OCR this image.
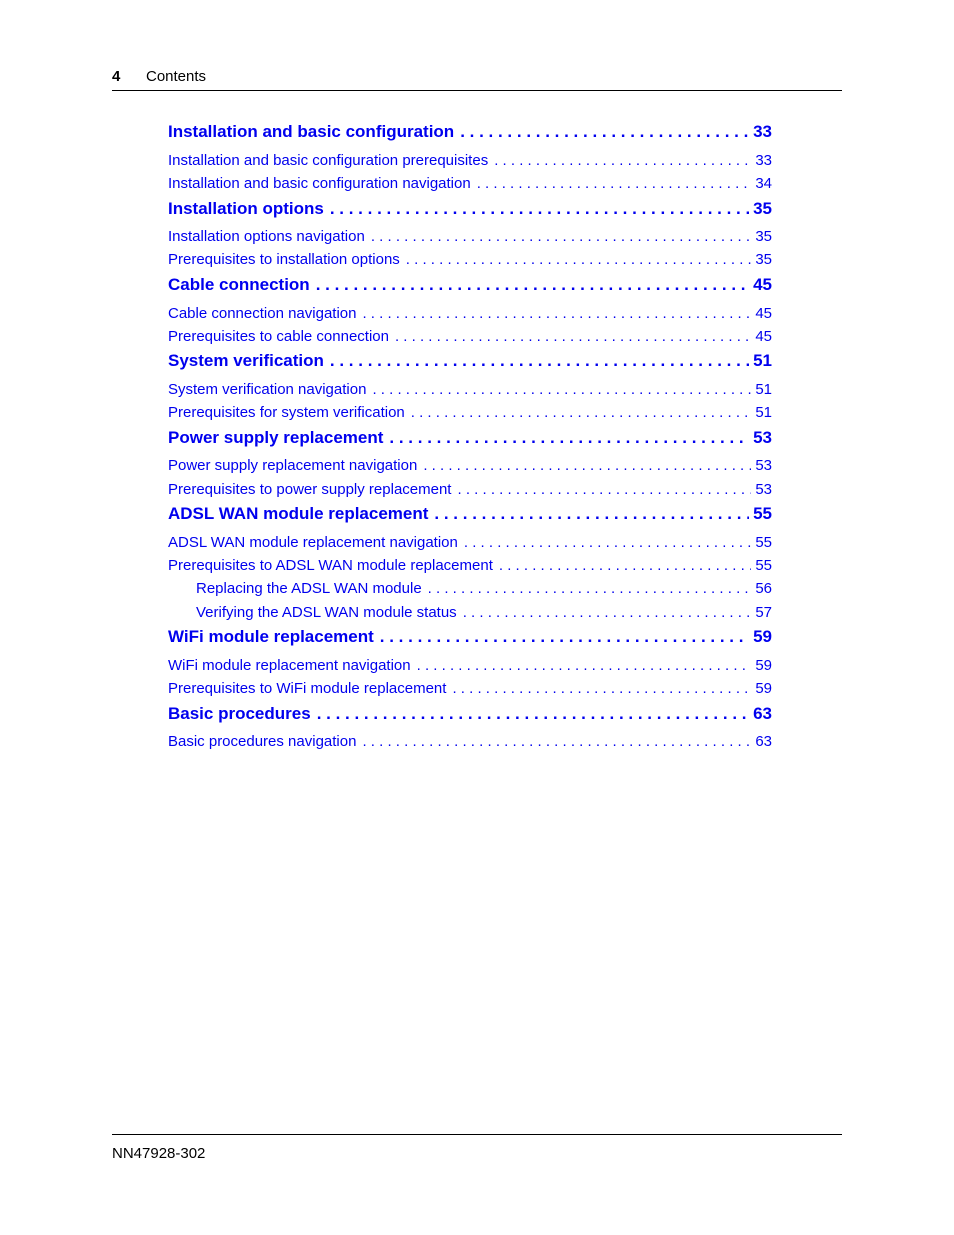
4 Contents
Installation and basic configuration . . .	33
Installation and basic configuration prerequisites . . .	33
Installation and basic configuration navigation . . .	34
Installation options . . .	35
Installation options navigation . . .	35
Prerequisites to installation options . . .	35
Cable connection . . .	45
Cable connection navigation . . .	45
Prerequisites to cable connection . . .	45
System verification . . .	51
System verification navigation . . .	51
Prerequisites for system verification . . .	51
Power supply replacement . . .	53
Power supply replacement navigation . . .	53
Prerequisites to power supply replacement . . .	53
ADSL WAN module replacement . . .	55
ADSL WAN module replacement navigation . . .	55
Prerequisites to ADSL WAN module replacement . . .	55
Replacing the ADSL WAN module . . .	56
Verifying the ADSL WAN module status . . .	57
WiFi module replacement . . .	59
WiFi module replacement navigation . . .	59
Prerequisites to WiFi module replacement . . .	59
Basic procedures . . .	63
Basic procedures navigation . . .	63
NN47928-302
